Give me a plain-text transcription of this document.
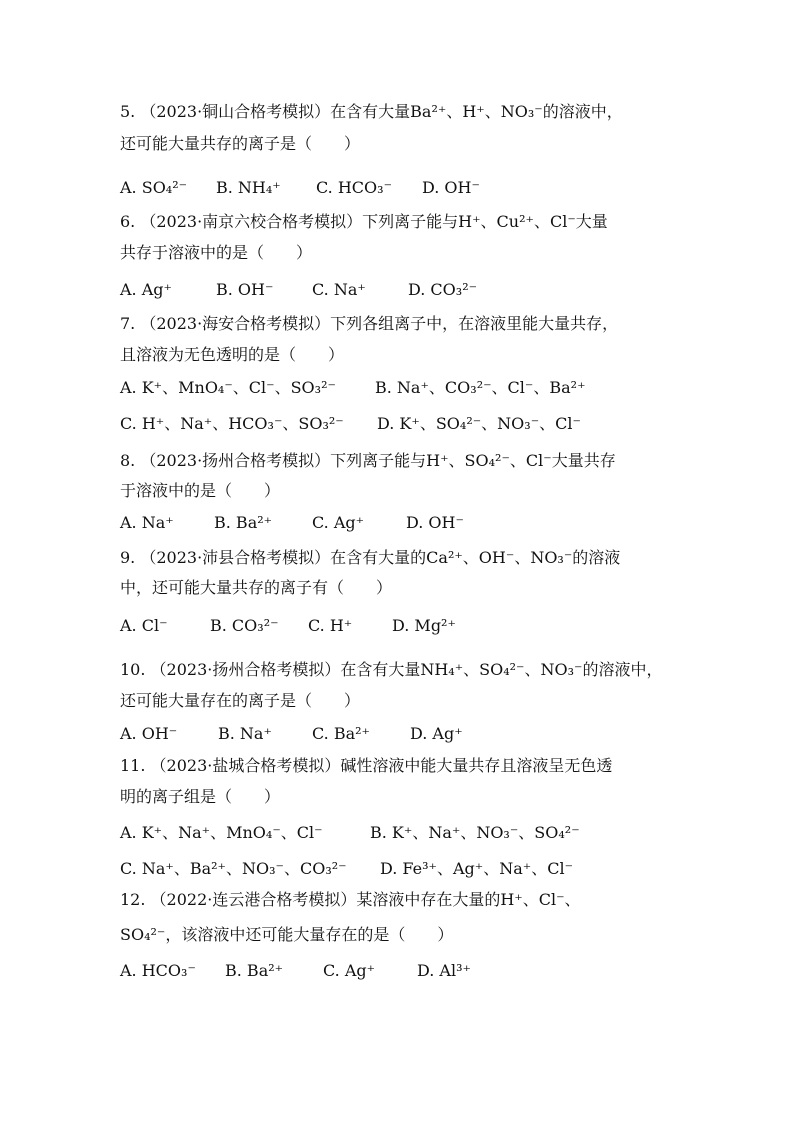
5. （2023·铜山合格考模拟）在含有大量Ba²⁺、H⁺、NO₃⁻的溶液中，
还可能大量共存的离子是（　　）
A. SO₄²⁻ B. NH₄⁺ C. HCO₃⁻ D. OH⁻
6. （2023·南京六校合格考模拟）下列离子能与H⁺、Cu²⁺、Cl⁻大量
共存于溶液中的是（　　）
A. Ag⁺	B. OH⁻ C. Na⁺	D. CO₃²⁻
7. （2023·海安合格考模拟）下列各组离子中，在溶液里能大量共存，
且溶液为无色透明的是（　　）
A. K⁺、MnO₄⁻、Cl⁻、SO₃²⁻ B. Na⁺、CO₃²⁻、Cl⁻、Ba²⁺
C. H⁺、Na⁺、HCO₃⁻、SO₃²⁻ D. K⁺、SO₄²⁻、NO₃⁻、Cl⁻
8. （2023·扬州合格考模拟）下列离子能与H⁺、SO₄²⁻、Cl⁻大量共存
于溶液中的是（　　）
A. Na⁺	B. Ba²⁺ C. Ag⁺	D. OH⁻
9. （2023·沛县合格考模拟）在含有大量的Ca²⁺、OH⁻、NO₃⁻的溶液
中，还可能大量共存的离子有（　　）
A. Cl⁻	B. CO₃²⁻ C. H⁺ D. Mg²⁺
10. （2023·扬州合格考模拟）在含有大量NH₄⁺、SO₄²⁻、NO₃⁻的溶液中，
还可能大量存在的离子是（　　）
A. OH⁻	B. Na⁺	C. Ba²⁺	D. Ag⁺
11. （2023·盐城合格考模拟）碱性溶液中能大量共存且溶液呈无色透
明的离子组是（　　）
A. K⁺、Na⁺、MnO₄⁻、Cl⁻	B. K⁺、Na⁺、NO₃⁻、SO₄²⁻
C. Na⁺、Ba²⁺、NO₃⁻、CO₃²⁻ D. Fe³⁺、Ag⁺、Na⁺、Cl⁻
12. （2022·连云港合格考模拟）某溶液中存在大量的H⁺、Cl⁻、
SO₄²⁻，该溶液中还可能大量存在的是（　　）
A. HCO₃⁻ B. Ba²⁺ C. Ag⁺	D. Al³⁺
